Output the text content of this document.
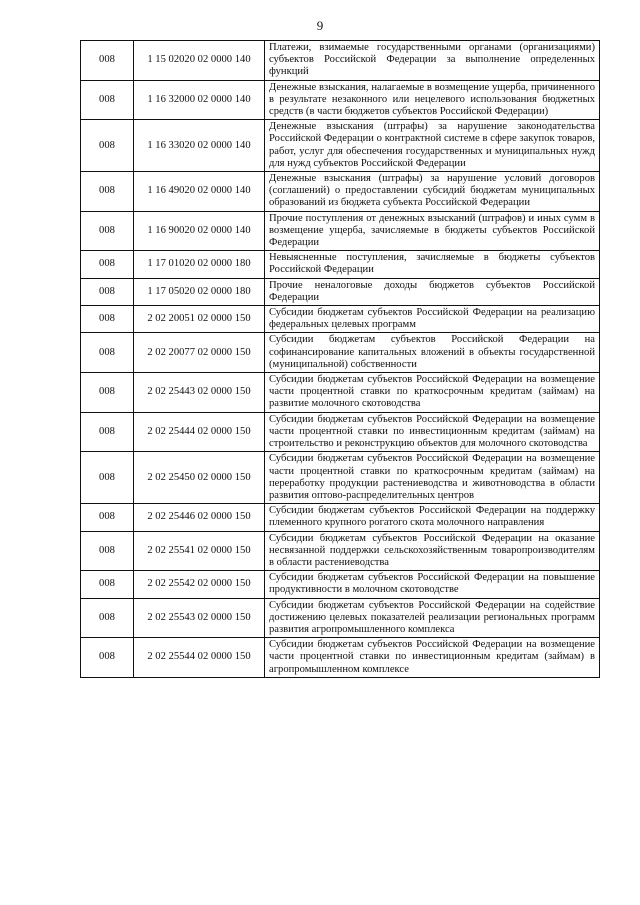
9
008	1 15 02020 02 0000 140	Платежи, взимаемые государственными органами (организациями) субъектов Российской Федерации за выполнение определенных функций
008	1 16 32000 02 0000 140	Денежные взыскания, налагаемые в возмещение ущерба, причиненного в результате незаконного или нецелевого использования бюджетных средств (в части бюджетов субъектов Российской Федерации)
008	1 16 33020 02 0000 140	Денежные взыскания (штрафы) за нарушение законодательства Российской Федерации о контрактной системе в сфере закупок товаров, работ, услуг для обеспечения государственных и муниципальных нужд для нужд субъектов Российской Федерации
008	1 16 49020 02 0000 140	Денежные взыскания (штрафы) за нарушение условий договоров (соглашений) о предоставлении субсидий бюджетам муниципальных образований из бюджета субъекта Российской Федерации
008	1 16 90020 02 0000 140	Прочие поступления от денежных взысканий (штрафов) и иных сумм в возмещение ущерба, зачисляемые в бюджеты субъектов Российской Федерации
008	1 17 01020 02 0000 180	Невыясненные поступления, зачисляемые в бюджеты субъектов Российской Федерации
008	1 17 05020 02 0000 180	Прочие неналоговые доходы бюджетов субъектов Российской Федерации
008	2 02 20051 02 0000 150	Субсидии бюджетам субъектов Российской Федерации на реализацию федеральных целевых программ
008	2 02 20077 02 0000 150	Субсидии бюджетам субъектов Российской Федерации на софинансирование капитальных вложений в объекты государственной (муниципальной) собственности
008	2 02 25443 02 0000 150	Субсидии бюджетам субъектов Российской Федерации на возмещение части процентной ставки по краткосрочным кредитам (займам) на развитие молочного скотоводства
008	2 02 25444 02 0000 150	Субсидии бюджетам субъектов Российской Федерации на возмещение части процентной ставки по инвестиционным кредитам (займам) на строительство и реконструкцию объектов для молочного скотоводства
008	2 02 25450 02 0000 150	Субсидии бюджетам субъектов Российской Федерации на возмещение части процентной ставки по краткосрочным кредитам (займам) на переработку продукции растениеводства и животноводства в области развития оптово-распределительных центров
008	2 02 25446 02 0000 150	Субсидии бюджетам субъектов Российской Федерации на поддержку племенного крупного рогатого скота молочного направления
008	2 02 25541 02 0000 150	Субсидии бюджетам субъектов Российской Федерации на оказание несвязанной поддержки сельскохозяйственным товаропроизводителям в области растениеводства
008	2 02 25542 02 0000 150	Субсидии бюджетам субъектов Российской Федерации на повышение продуктивности в молочном скотоводстве
008	2 02 25543 02 0000 150	Субсидии бюджетам субъектов Российской Федерации на содействие достижению целевых показателей реализации региональных программ развития агропромышленного комплекса
008	2 02 25544 02 0000 150	Субсидии бюджетам субъектов Российской Федерации на возмещение части процентной ставки по инвестиционным кредитам (займам) в агропромышленном комплексе
